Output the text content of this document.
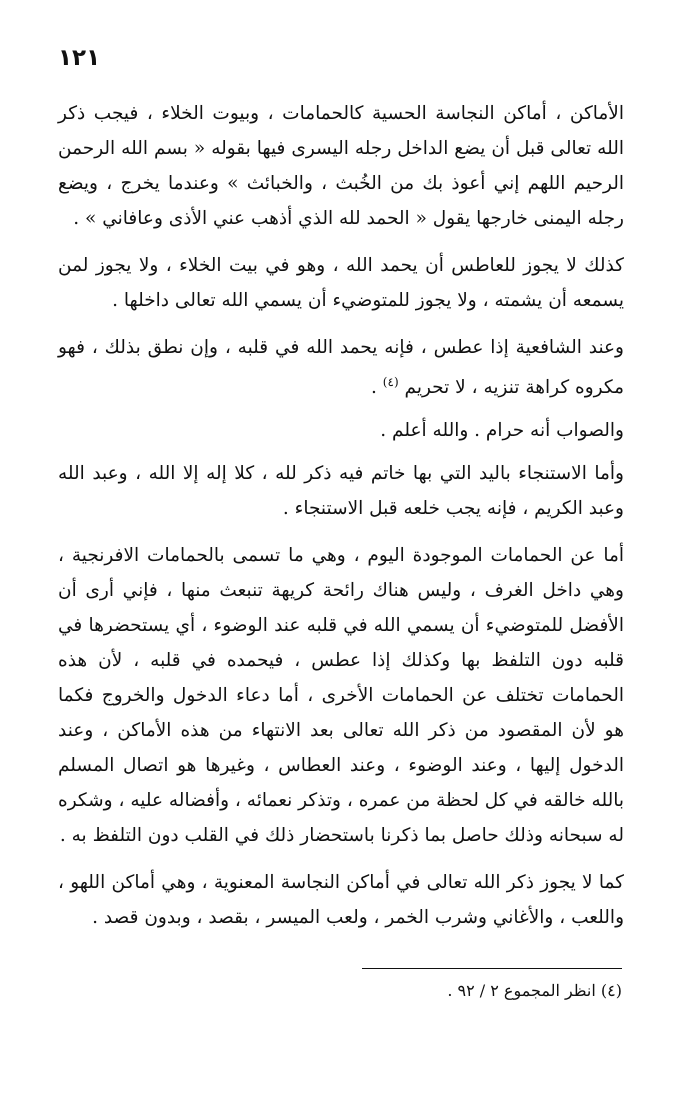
١٢١

الأماكن ، أماكن النجاسة الحسية كالحمامات ، وبيوت الخلاء ، فيجب ذكر الله تعالى قبل أن يضع الداخل رجله اليسرى فيها بقوله « بسم الله الرحمن الرحيم اللهم إني أعوذ بك من الخُبث ، والخبائث » وعندما يخرج ، ويضع رجله اليمنى خارجها يقول « الحمد لله الذي أذهب عني الأذى وعافاني » .

كذلك لا يجوز للعاطس أن يحمد الله ، وهو في بيت الخلاء ، ولا يجوز لمن يسمعه أن يشمته ، ولا يجوز للمتوضيء أن يسمي الله تعالى داخلها .

وعند الشافعية إذا عطس ، فإنه يحمد الله في قلبه ، وإن نطق بذلك ، فهو مكروه كراهة تنزيه ، لا تحريم $^{(٤)}$ .

والصواب أنه حرام . والله أعلم .

وأما الاستنجاء باليد التي بها خاتم فيه ذكر لله ، كلا إله إلا الله ، وعبد الله وعبد الكريم ، فإنه يجب خلعه قبل الاستنجاء .

أما عن الحمامات الموجودة اليوم ، وهي ما تسمى بالحمامات الافرنجية ، وهي داخل الغرف ، وليس هناك رائحة كريهة تنبعث منها ، فإني أرى أن الأفضل للمتوضيء أن يسمي الله في قلبه عند الوضوء ، أي يستحضرها في قلبه دون التلفظ بها وكذلك إذا عطس ، فيحمده في قلبه ، لأن هذه الحمامات تختلف عن الحمامات الأخرى ، أما دعاء الدخول والخروج فكما هو لأن المقصود من ذكر الله تعالى بعد الانتهاء من هذه الأماكن ، وعند الدخول إليها ، وعند الوضوء ، وعند العطاس ، وغيرها هو اتصال المسلم بالله خالقه في كل لحظة من عمره ، وتذكر نعمائه ، وأفضاله عليه ، وشكره له سبحانه وذلك حاصل بما ذكرنا باستحضار ذلك في القلب دون التلفظ به .

كما لا يجوز ذكر الله تعالى في أماكن النجاسة المعنوية ، وهي أماكن اللهو ، واللعب ، والأغاني وشرب الخمر ، ولعب الميسر ، بقصد ، وبدون قصد .

(٤) انظر المجموع ٢ / ٩٢ .
